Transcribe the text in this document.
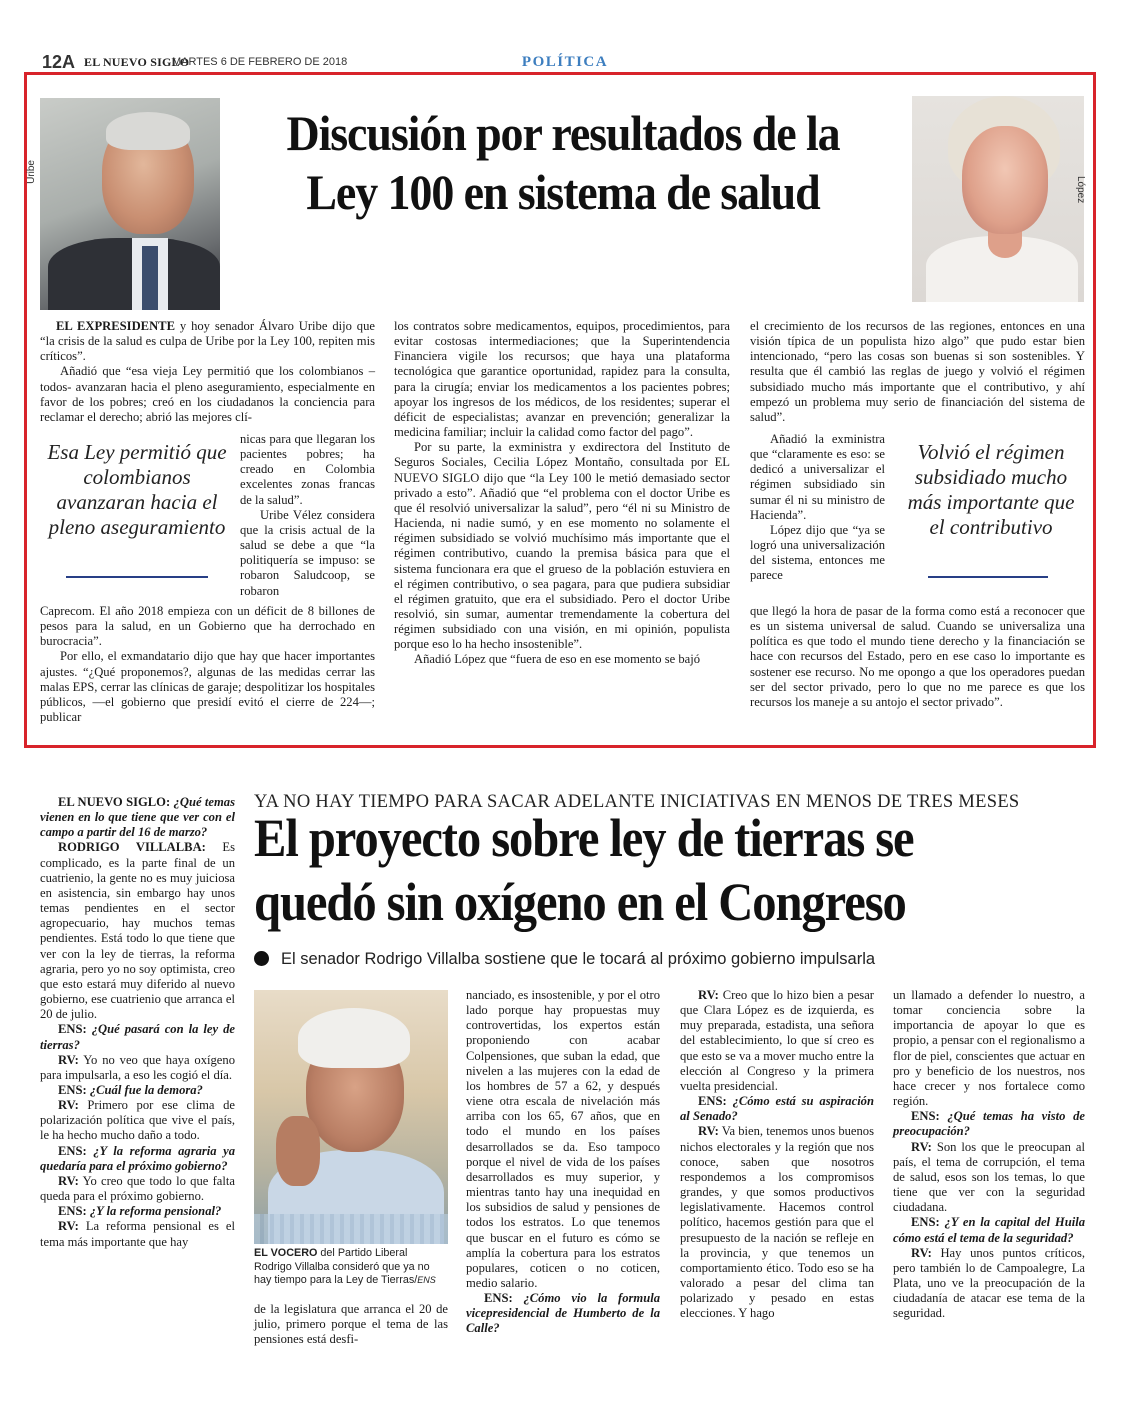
12A EL NUEVO SIGLO
MARTES 6 DE FEBRERO DE 2018	POLÍTICA
Uribe
López
Discusión por resultados de la Ley 100 en sistema de salud

EL EXPRESIDENTE y hoy senador Álvaro Uribe dijo que “la crisis de la salud es culpa de Uribe por la Ley 100, repiten mis críticos”.

Añadió que “esa vieja Ley permitió que los colombianos –todos- avanzaran hacia el pleno aseguramiento, especialmente en favor de los pobres; creó en los ciudadanos la conciencia para reclamar el derecho; abrió las mejores clí-

Esa Ley permitió que colombianos avanzaran hacia el pleno aseguramiento

nicas para que llegaran los pacientes pobres; ha creado en Colombia excelentes zonas francas de la salud”.

Uribe Vélez considera que la crisis actual de la salud se debe a que “la politiquería se impuso: se robaron Saludcoop, se robaron

Caprecom. El año 2018 empieza con un déficit de 8 billones de pesos para la salud, en un Gobierno que ha derrochado en burocracia”.

Por ello, el exmandatario dijo que hay que hacer importantes ajustes. “¿Qué proponemos?, algunas de las medidas cerrar las malas EPS, cerrar las clínicas de garaje; despolitizar los hospitales públicos, —el gobierno que presidí evitó el cierre de 224—; publicar

los contratos sobre medicamentos, equipos, procedimientos, para evitar costosas intermediaciones; que la Superintendencia Financiera vigile los recursos; que haya una plataforma tecnológica que garantice oportunidad, rapidez para la consulta, para la cirugía; enviar los medicamentos a los pacientes pobres; apoyar los ingresos de los médicos, de los residentes; superar el déficit de especialistas; avanzar en prevención; generalizar la medicina familiar; incluir la calidad como factor del pago”.

Por su parte, la exministra y exdirectora del Instituto de Seguros Sociales, Cecilia López Montaño, consultada por EL NUEVO SIGLO dijo que “la Ley 100 le metió demasiado sector privado a esto”. Añadió que “el problema con el doctor Uribe es que él resolvió universalizar la salud”, pero “él ni su Ministro de Hacienda, ni nadie sumó, y en ese momento no solamente el régimen subsidiado se volvió muchísimo más importante que el régimen contributivo, cuando la premisa básica para que el sistema funcionara era que el grueso de la población estuviera en el régimen contributivo, o sea pagara, para que pudiera subsidiar el régimen gratuito, que era el subsidiado. Pero el doctor Uribe resolvió, sin sumar, aumentar tremendamente la cobertura del régimen subsidiado con una visión, en mi opinión, populista porque eso lo ha hecho insostenible”.

Añadió López que “fuera de eso en ese momento se bajó

el crecimiento de los recursos de las regiones, entonces en una visión típica de un populista hizo algo” que pudo estar bien intencionado, “pero las cosas son buenas si son sostenibles. Y resulta que él cambió las reglas de juego y volvió el régimen subsidiado mucho más importante que el contributivo, y ahí empezó un problema muy serio de financiación del sistema de salud”.

Añadió la exministra que “claramente es eso: se dedicó a universalizar el régimen subsidiado sin sumar él ni su ministro de Hacienda”.

López dijo que “ya se logró una universalización del sistema, entonces me parece

Volvió el régimen subsidiado mucho más importante que el contributivo

que llegó la hora de pasar de la forma como está a reconocer que es un sistema universal de salud. Cuando se universaliza una política es que todo el mundo tiene derecho y la financiación se hace con recursos del Estado, pero en ese caso lo importante es sostener ese recurso. No me opongo a que los operadores puedan ser del sector privado, pero lo que no me parece es que los recursos los maneje a su antojo el sector privado”.

YA NO HAY TIEMPO PARA SACAR ADELANTE INICIATIVAS EN MENOS DE TRES MESES
El proyecto sobre ley de tierras se quedó sin oxígeno en el Congreso
El senador Rodrigo Villalba sostiene que le tocará al próximo gobierno impulsarla
EL VOCERO del Partido Liberal Rodrigo Villalba consideró que ya no hay tiempo para la Ley de Tierras/ENS

EL NUEVO SIGLO: ¿Qué temas vienen en lo que tiene que ver con el campo a partir del 16 de marzo?

RODRIGO VILLALBA: Es complicado, es la parte final de un cuatrienio, la gente no es muy juiciosa en asistencia, sin embargo hay unos temas pendientes en el sector agropecuario, hay muchos temas pendientes. Está todo lo que tiene que ver con la ley de tierras, la reforma agraria, pero yo no soy optimista, creo que esto estará muy diferido al nuevo gobierno, ese cuatrienio que arranca el 20 de julio.

ENS: ¿Qué pasará con la ley de tierras?

RV: Yo no veo que haya oxígeno para impulsarla, a eso les cogió el día.

ENS: ¿Cuál fue la demora?

RV: Primero por ese clima de polarización política que vive el país, le ha hecho mucho daño a todo.

ENS: ¿Y la reforma agraria ya quedaría para el próximo gobierno?

RV: Yo creo que todo lo que falta queda para el próximo gobierno.

ENS: ¿Y la reforma pensional?

RV: La reforma pensional es el tema más importante que hay

de la legislatura que arranca el 20 de julio, primero porque el tema de las pensiones está desfi-

nanciado, es insostenible, y por el otro lado porque hay propuestas muy controvertidas, los expertos están proponiendo con acabar Colpensiones, que suban la edad, que nivelen a las mujeres con la edad de los hombres de 57 a 62, y después viene otra escala de nivelación más arriba con los 65, 67 años, que en todo el mundo en los países desarrollados se da. Eso tampoco porque el nivel de vida de los países desarrollados es muy superior, y mientras tanto hay una inequidad en los subsidios de salud y pensiones de todos los estratos. Lo que tenemos que buscar en el futuro es cómo se amplía la cobertura para los estratos populares, coticen o no coticen, medio salario.

ENS: ¿Cómo vio la formula vicepresidencial de Humberto de la Calle?

RV: Creo que lo hizo bien a pesar que Clara López es de izquierda, es muy preparada, estadista, una señora del establecimiento, lo que sí creo es que esto se va a mover mucho entre la elección al Congreso y la primera vuelta presidencial.

ENS: ¿Cómo está su aspiración al Senado?

RV: Va bien, tenemos unos buenos nichos electorales y la región que nos conoce, saben que nosotros respondemos a los compromisos grandes, y que somos productivos legislativamente. Hacemos control político, hacemos gestión para que el presupuesto de la nación se refleje en la provincia, y que tenemos un comportamiento ético. Todo eso se ha valorado a pesar del clima tan polarizado y pesado en estas elecciones. Y hago

un llamado a defender lo nuestro, a tomar conciencia sobre la importancia de apoyar lo que es propio, a pensar con el regionalismo a flor de piel, conscientes que actuar en pro y beneficio de los nuestros, nos hace crecer y nos fortalece como región.

ENS: ¿Qué temas ha visto de preocupación?

RV: Son los que le preocupan al país, el tema de corrupción, el tema de salud, esos son los temas, lo que tiene que ver con la seguridad ciudadana.

ENS: ¿Y en la capital del Huila cómo está el tema de la seguridad?

RV: Hay unos puntos críticos, pero también lo de Campoalegre, La Plata, uno ve la preocupación de la ciudadanía de atacar ese tema de la seguridad.
